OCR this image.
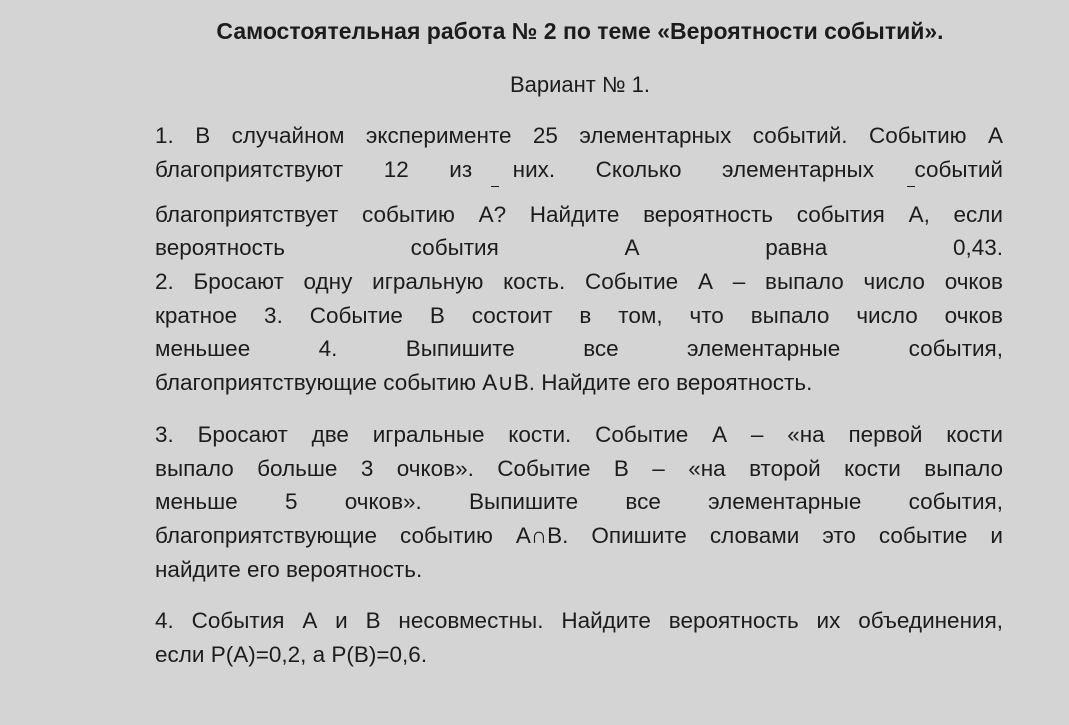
Самостоятельная работа № 2 по теме «Вероятности событий».
Вариант № 1.
1. В случайном эксперименте 25 элементарных событий. Событию А
благоприятствуют 12 из них. Сколько элементарных событий
благоприятствует событию A? Найдите вероятность события A, если
вероятность события А равна 0,43.
2. Бросают одну игральную кость. Событие А – выпало число очков
кратное 3. Событие В состоит в том, что выпало число очков
меньшее 4. Выпишите все элементарные события,
благоприятствующие событию А∪В. Найдите его вероятность.
3. Бросают две игральные кости. Событие А – «на первой кости
выпало больше 3 очков». Событие В – «на второй кости выпало
меньше 5 очков». Выпишите все элементарные события,
благоприятствующие событию А∩В. Опишите словами это событие и
найдите его вероятность.
4. События А и В несовместны. Найдите вероятность их объединения,
если Р(А)=0,2, а Р(В)=0,6.
